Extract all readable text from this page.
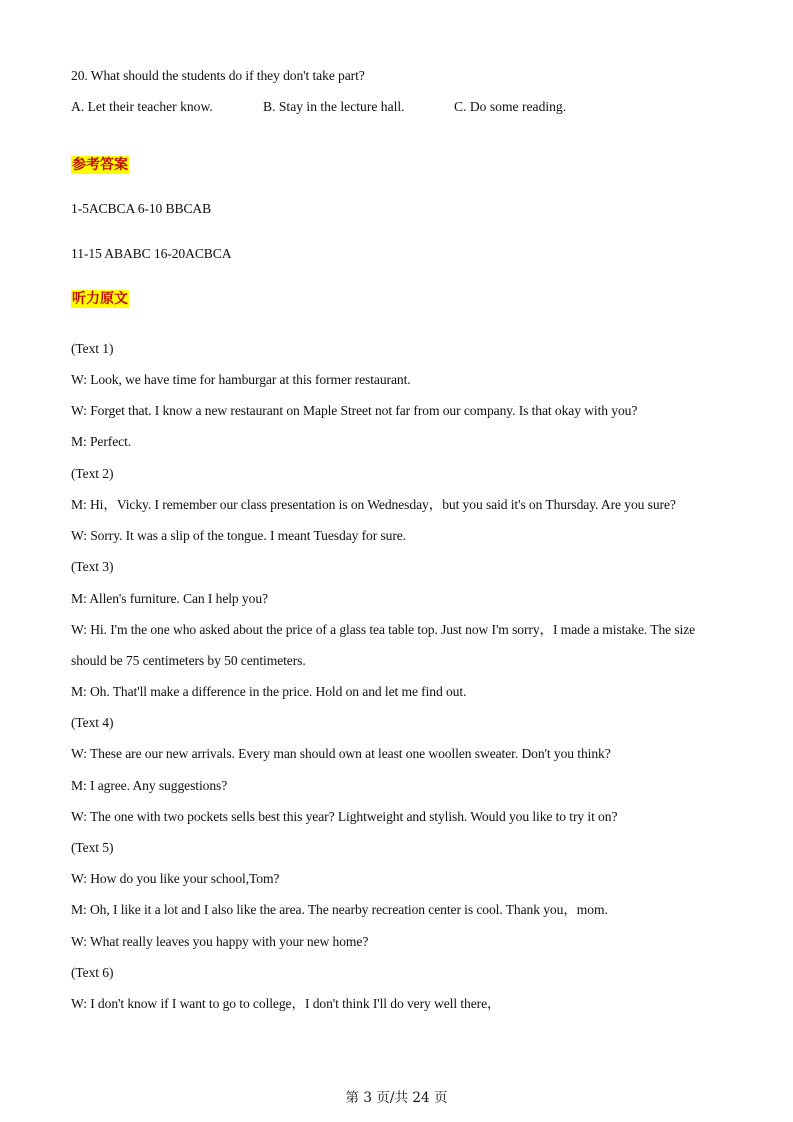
20. What should the students do if they don't take part?
A. Let their teacher know.	B. Stay in the lecture hall.	C. Do some reading.
参考答案
1-5ACBCA 6-10 BBCAB
11-15 ABABC 16-20ACBCA
听力原文
(Text 1)
W: Look, we have time for hamburgar at this former restaurant.
W: Forget that. I know a new restaurant on Maple Street not far from our company. Is that okay with you?
M: Perfect.
(Text 2)
M: Hi，Vicky. I remember our class presentation is on Wednesday，but you said it's on Thursday. Are you sure?
W: Sorry. It was a slip of the tongue. I meant Tuesday for sure.
(Text 3)
M: Allen's furniture. Can I help you?
W: Hi. I'm the one who asked about the price of a glass tea table top. Just now I'm sorry，I made a mistake. The size
should be 75 centimeters by 50 centimeters.
M: Oh. That'll make a difference in the price. Hold on and let me find out.
(Text 4)
W: These are our new arrivals. Every man should own at least one woollen sweater. Don't you think?
M: I agree. Any suggestions?
W: The one with two pockets sells best this year? Lightweight and stylish. Would you like to try it on?
(Text 5)
W: How do you like your school,Tom?
M: Oh, I like it a lot and I also like the area. The nearby recreation center is cool. Thank you，mom.
W: What really leaves you happy with your new home?
(Text 6)
W: I don't know if I want to go to college，I don't think I'll do very well there，
第 3 页/共 24 页
